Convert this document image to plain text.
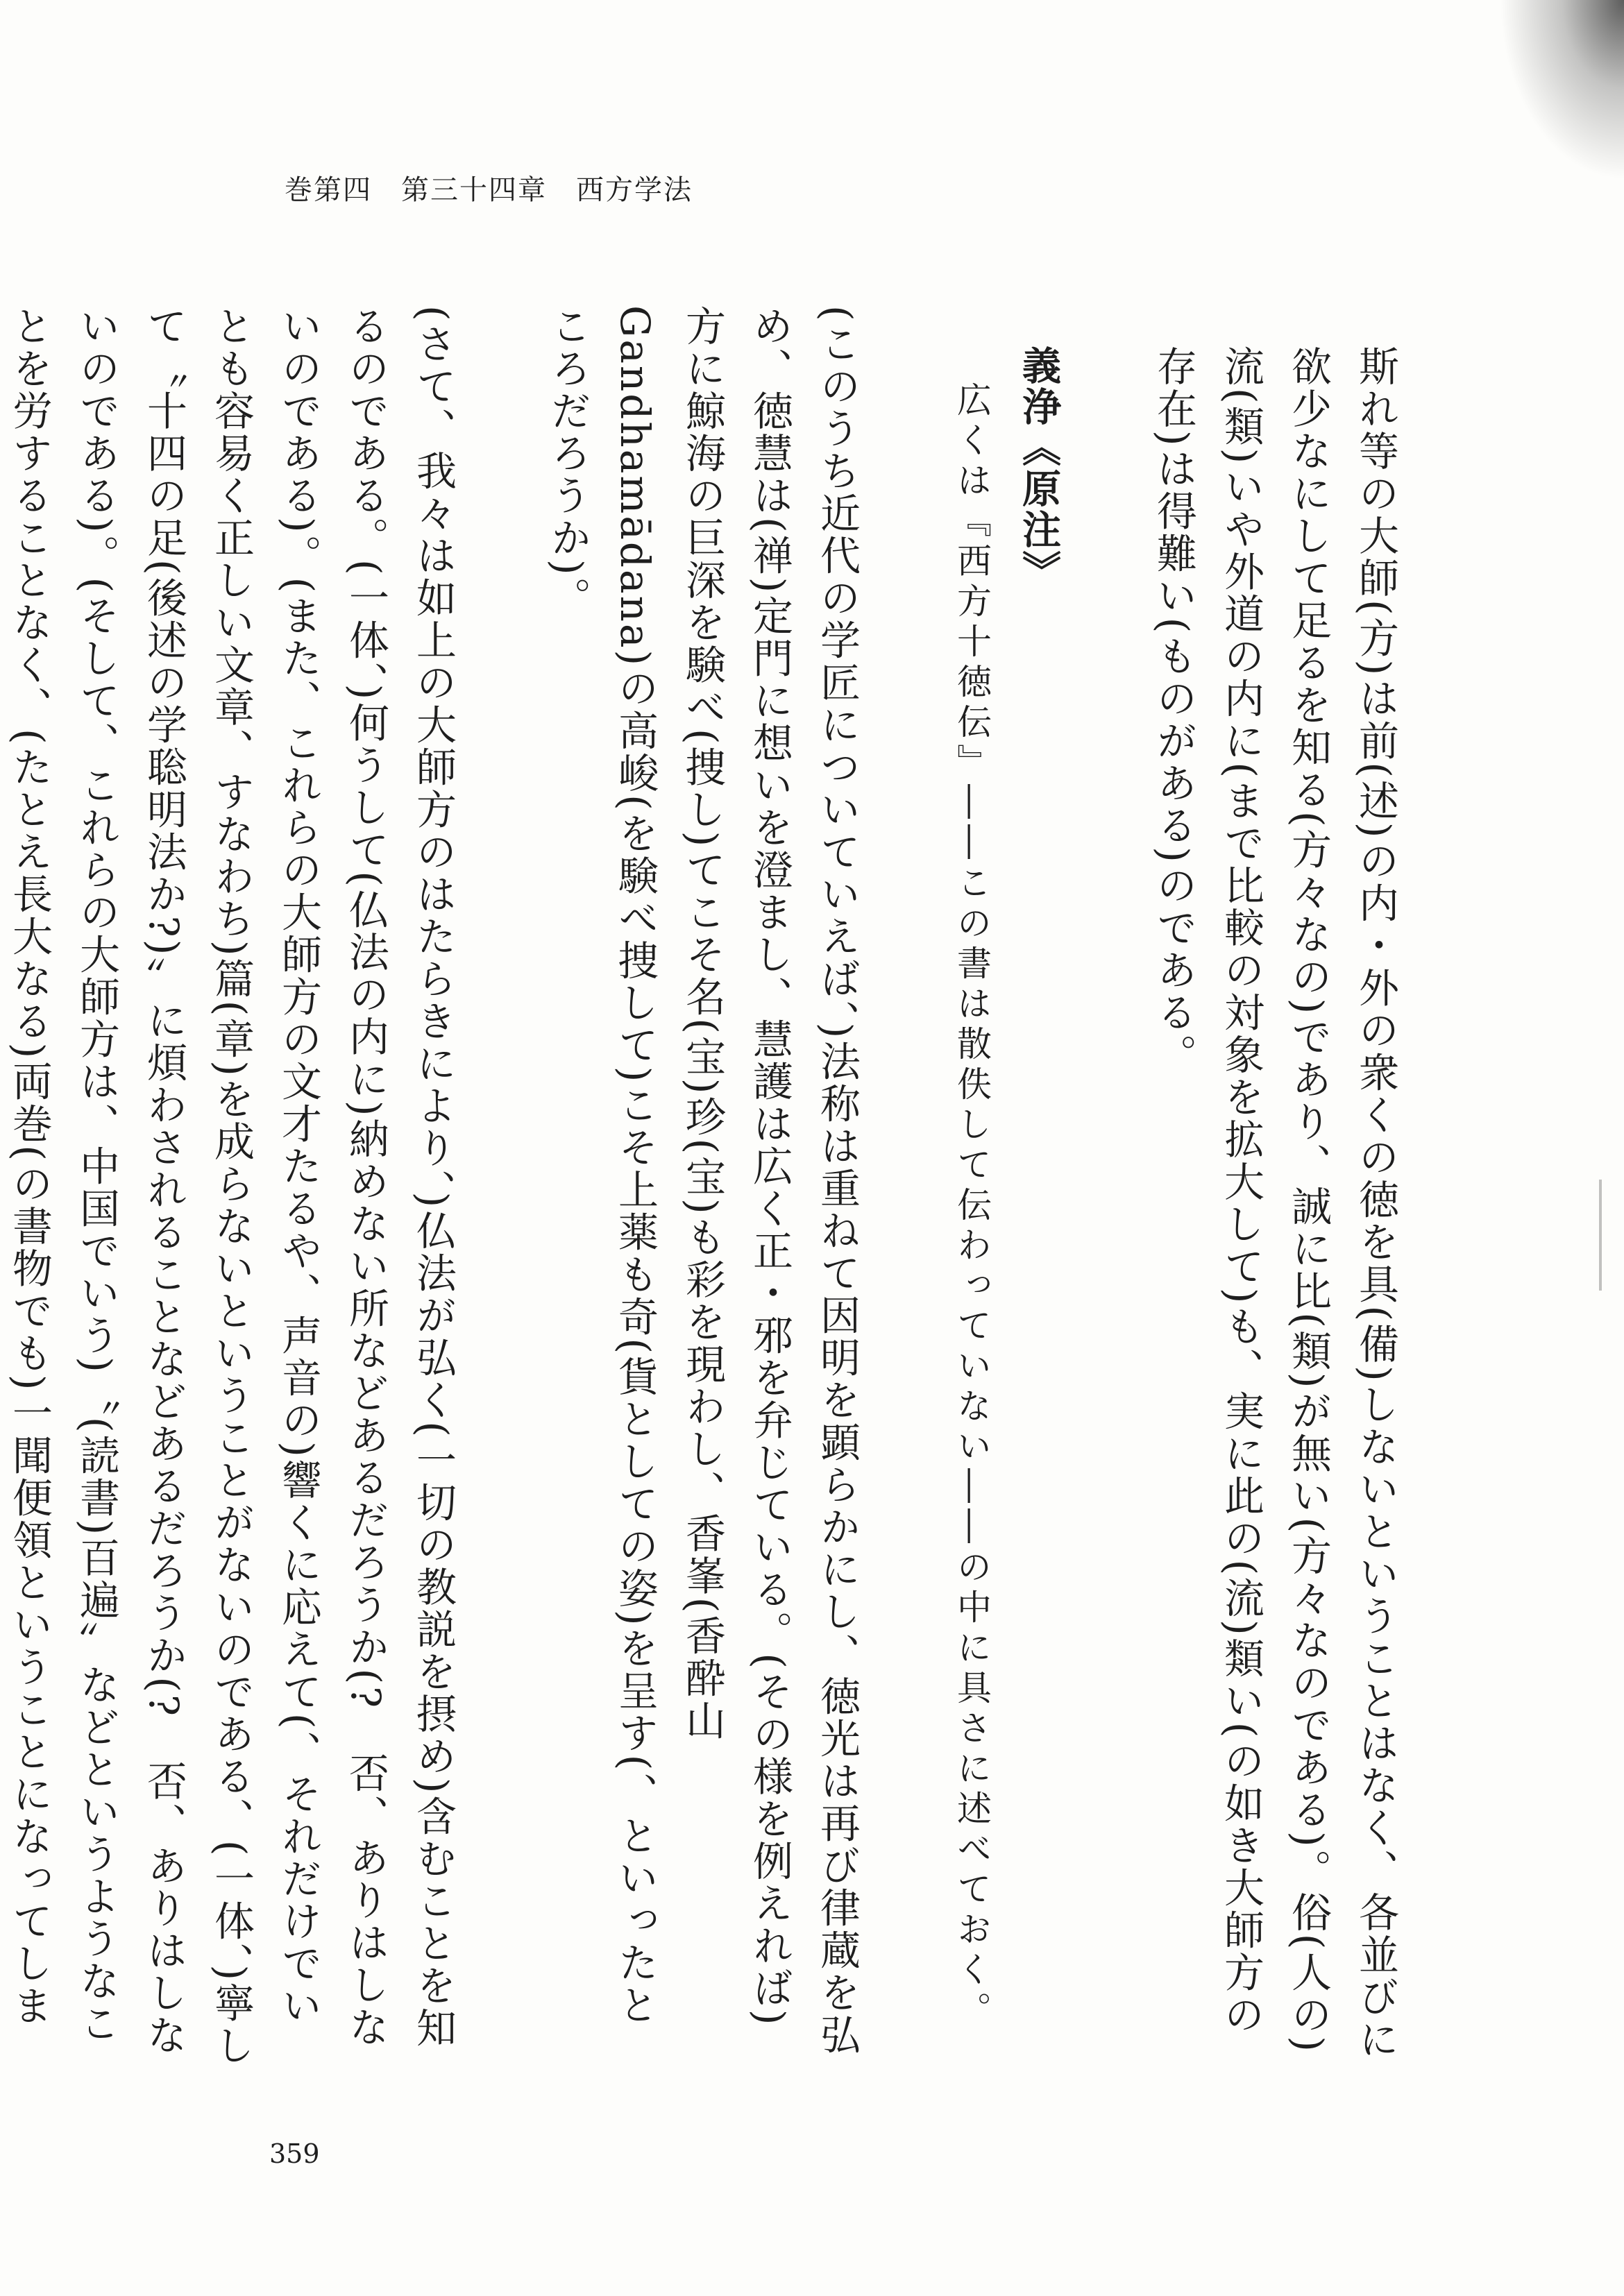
巻第四　第三十四章　西方学法

斯れ等の大師(方)は前(述)の内・外の衆くの徳を具(備)しないということはなく、各並びに欲少なにして足るを知る(方々なの)であり、誠に比(類)が無い(方々なのである)。俗(人の)流(類)いや外道の内に(まで比較の対象を拡大して)も、実に此の(流)類い(の如き大師方の存在)は得難い(ものがある)のである。

義浄《原注》

広くは『西方十徳伝』――この書は散佚して伝わっていない――の中に具さに述べておく。

(このうち近代の学匠についていえば、)法称は重ねて因明を顕らかにし、徳光は再び律蔵を弘め、徳慧は(禅)定門に想いを澄まし、慧護は広く正・邪を弁じている。(その様を例えれば)方に鯨海の巨深を験べ(捜し)てこそ名(宝)珍(宝)も彩を現わし、香峯(香酔山 Gandhamādana)の高峻(を験べ捜して)こそ上薬も奇(貨としての姿)を呈す(、といったところだろうか)。

(さて、我々は如上の大師方のはたらきにより、)仏法が弘く(一切の教説を摂め)含むことを知るのである。(一体、)何うして(仏法の内に)納めない所などあるだろうか(?　否、ありはしないのである)。(また、これらの大師方の文才たるや、声音の)響くに応えて(、それだけでいとも容易く正しい文章、すなわち)篇(章)を成らないということがないのである、(一体、)寧して〝十四の足(後述の学聡明法か?)〟に煩わされることなどあるだろうか(?　否、ありはしないのである)。(そして、これらの大師方は、中国でいう)〝(読書)百遍〟などというようなことを労することなく、(たとえ長大なる)両巻(の書物でも)一聞便領ということになってしま

359
